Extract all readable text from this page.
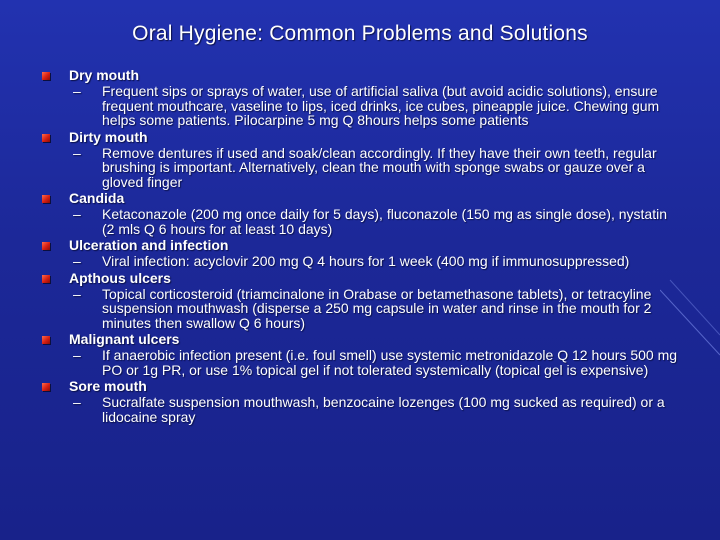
Oral Hygiene: Common Problems and Solutions
Dry mouth
–	Frequent sips or sprays of water, use of artificial saliva (but avoid acidic solutions), ensure frequent mouthcare, vaseline to lips, iced drinks, ice cubes, pineapple juice. Chewing gum helps some patients. Pilocarpine 5 mg Q 8hours helps some patients
Dirty mouth
–	Remove dentures if used and soak/clean accordingly. If they have their own teeth, regular brushing is important. Alternatively, clean the mouth with sponge swabs or gauze over a gloved finger
Candida
–	Ketaconazole (200 mg once daily for 5 days), fluconazole (150 mg as single dose), nystatin (2 mls Q 6 hours for at least 10 days)
Ulceration and infection
–	Viral infection: acyclovir 200 mg Q 4 hours for 1 week (400 mg if immunosuppressed)
Apthous ulcers
–	Topical corticosteroid (triamcinalone in Orabase or betamethasone tablets), or tetracyline suspension mouthwash (disperse a 250 mg capsule in water and rinse in the mouth for 2 minutes then swallow Q 6 hours)
Malignant ulcers
–	If anaerobic infection present (i.e. foul smell) use systemic metronidazole Q 12 hours 500 mg PO or 1g PR, or use 1% topical gel if not tolerated systemically (topical gel is expensive)
Sore mouth
–	Sucralfate suspension mouthwash, benzocaine lozenges (100 mg sucked as required) or a lidocaine spray
